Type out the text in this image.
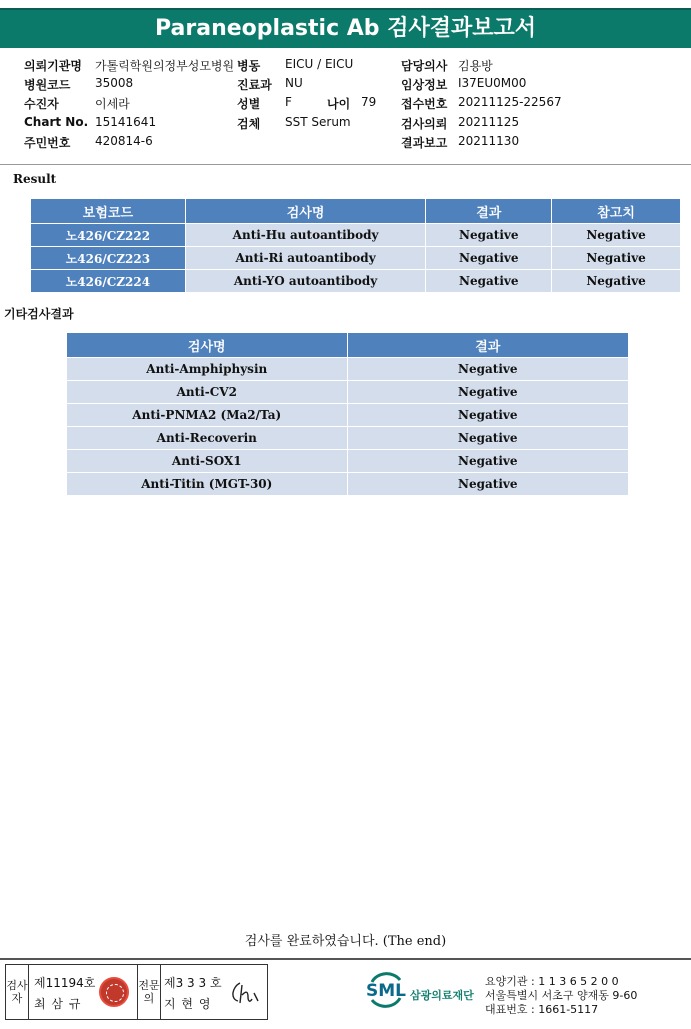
Paraneoplastic Ab 검사결과보고서
의뢰기관명 가톨릭학원의정부성모병원 병동 EICU / EICU	담당의사 김용방
병원코드 35008	진료과 NU	임상정보 I37EU0M00
수진자	이세라	성별 F	나이 79 접수번호 20211125-22567
Chart No. 15141641	검체 SST Serum	검사의뢰 20211125
주민번호 420814-6	결과보고 20211130
Result
보험코드	검사명	결과	참고치
노426/CZ222	Anti-Hu autoantibody	Negative	Negative
노426/CZ223	Anti-Ri autoantibody	Negative	Negative
노426/CZ224	Anti-YO autoantibody	Negative	Negative
기타검사결과
검사명	결과
Anti-Amphiphysin	Negative
Anti-CV2	Negative
Anti-PNMA2 (Ma2/Ta)	Negative
Anti-Recoverin	Negative
Anti-SOX1	Negative
Anti-Titin (MGT-30)	Negative
검사를 완료하였습니다. (The end)
검사자
제11194호
최 삼 규
전문의
제3 3 3 호
지 현 영
SML 삼광의료재단
요양기관 : 1 1 3 6 5 2 0 0
서울특별시 서초구 양재동 9-60
대표번호 : 1661-5117
